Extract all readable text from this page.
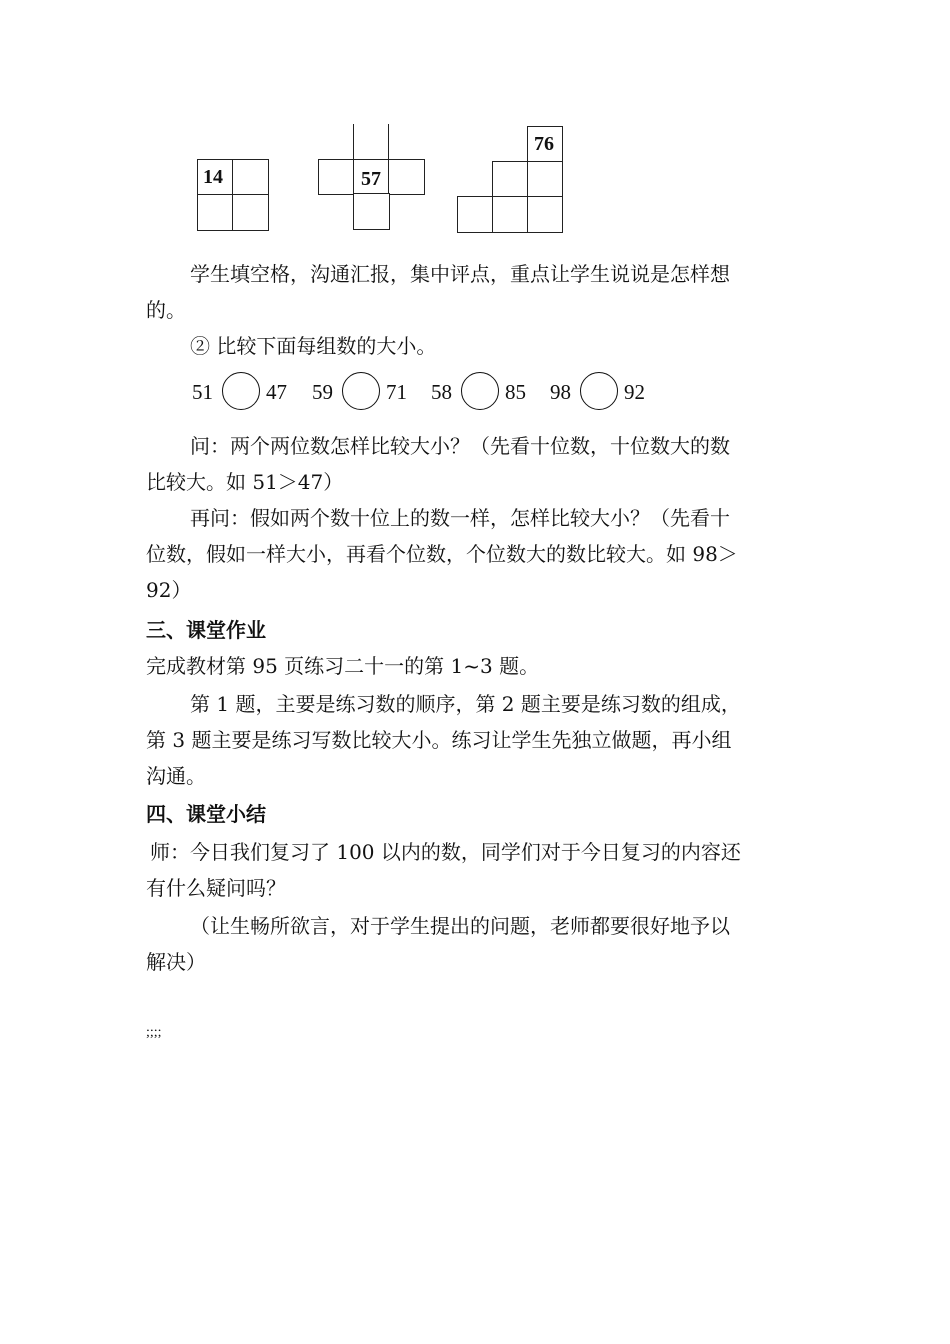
14	57
76
学生填空格，沟通汇报，集中评点，重点让学生说说是怎样想
的。
② 比较下面每组数的大小。
51	47 59	71 58	85 98	92
问：两个两位数怎样比较大小？（先看十位数，十位数大的数
比较大。如 51＞47）
再问：假如两个数十位上的数一样，怎样比较大小？（先看十
位数，假如一样大小，再看个位数，个位数大的数比较大。如 98＞
92）
三、课堂作业
完成教材第 95 页练习二十一的第 1~3 题。
第 1 题，主要是练习数的顺序，第 2 题主要是练习数的组成，
第 3 题主要是练习写数比较大小。练习让学生先独立做题，再小组
沟通。
四、课堂小结
师：今日我们复习了 100 以内的数，同学们对于今日复习的内容还
有什么疑问吗？
（让生畅所欲言，对于学生提出的问题，老师都要很好地予以
解决）
;;;;
